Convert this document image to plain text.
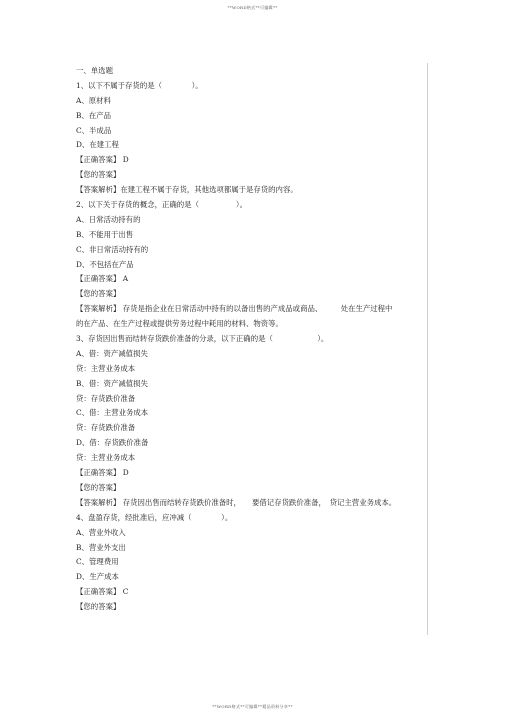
**WORD格式**可编辑**
一、单选题
1、以下不属于存货的是（　　　　）。
A、原材料
B、在产品
C、半成品
D、在建工程
【正确答案】 D
【您的答案】
【答案解析】在建工程不属于存货，其他选项都属于是存货的内容。
2、以下关于存货的概念，正确的是（　　　　　）。
A、日常活动持有的
B、不能用于出售
C、非日常活动持有的
D、不包括在产品
【正确答案】 A
【您的答案】
【答案解析】 存货是指企业在日常活动中持有的以备出售的产成品或商品、　　　处在生产过程中
的在产品、在生产过程或提供劳务过程中耗用的材料、物资等。
3、存货因出售而结转存货跌价准备的分录，以下正确的是（　　　　　　）。
A、借：资产减值损失
贷：主营业务成本
B、借：资产减值损失
贷：存货跌价准备
C、借：主营业务成本
贷：存货跌价准备
D、借：存货跌价准备
贷：主营业务成本
【正确答案】 D
【您的答案】
【答案解析】 存货因出售而结转存货跌价准备时，　　要借记存货跌价准备，　贷记主营业务成本。
4、盘盈存货，经批准后，应冲减（　　　　）。
A、营业外收入
B、营业外支出
C、管理费用
D、生产成本
【正确答案】 C
【您的答案】
**WORD格式**可编辑**精品资料分享**
